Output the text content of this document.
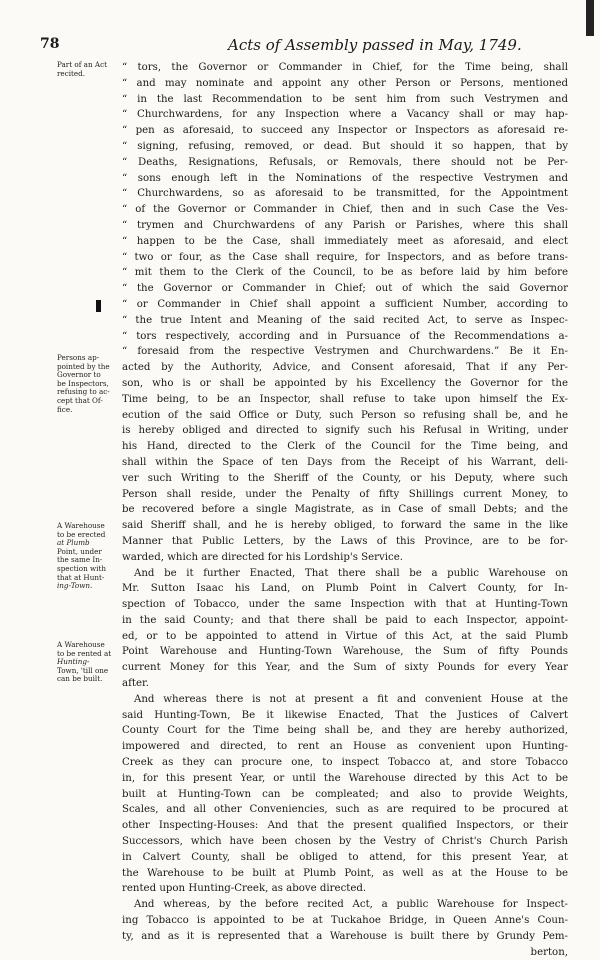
78	Acts of Assembly passed in May, 1749.
Part of an Act
recited.
Persons ap-
pointed by the
Governor to
be Inspectors,
refusing to ac-
cept that Of-
fice.
A Warehouse
to be erected
at Plumb
Point, under
the same In-
spection with
that at Hunt-
ing-Town.
A Warehouse
to be rented at
Hunting-
Town, 'till one
can be built.
“ tors, the Governor or Commander in Chief, for the Time being, shall
“ and may nominate and appoint any other Person or Persons, mentioned
“ in the last Recommendation to be sent him from such Vestrymen and
“ Churchwardens, for any Inspection where a Vacancy shall or may hap-
“ pen as aforesaid, to succeed any Inspector or Inspectors as aforesaid re-
“ signing, refusing, removed, or dead. But should it so happen, that by
“ Deaths, Resignations, Refusals, or Removals, there should not be Per-
“ sons enough left in the Nominations of the respective Vestrymen and
“ Churchwardens, so as aforesaid to be transmitted, for the Appointment
“ of the Governor or Commander in Chief, then and in such Case the Ves-
“ trymen and Churchwardens of any Parish or Parishes, where this shall
“ happen to be the Case, shall immediately meet as aforesaid, and elect
“ two or four, as the Case shall require, for Inspectors, and as before trans-
“ mit them to the Clerk of the Council, to be as before laid by him before
“ the Governor or Commander in Chief; out of which the said Governor
“ or Commander in Chief shall appoint a sufficient Number, according to
“ the true Intent and Meaning of the said recited Act, to serve as Inspec-
“ tors respectively, according and in Pursuance of the Recommendations a-
“ foresaid from the respective Vestrymen and Churchwardens.” Be it En-
acted by the Authority, Advice, and Consent aforesaid, That if any Per-
son, who is or shall be appointed by his Excellency the Governor for the
Time being, to be an Inspector, shall refuse to take upon himself the Ex-
ecution of the said Office or Duty, such Person so refusing shall be, and he
is hereby obliged and directed to signify such his Refusal in Writing, under
his Hand, directed to the Clerk of the Council for the Time being, and
shall within the Space of ten Days from the Receipt of his Warrant, deli-
ver such Writing to the Sheriff of the County, or his Deputy, where such
Person shall reside, under the Penalty of fifty Shillings current Money, to
be recovered before a single Magistrate, as in Case of small Debts; and the
said Sheriff shall, and he is hereby obliged, to forward the same in the like
Manner that Public Letters, by the Laws of this Province, are to be for-
warded, which are directed for his Lordship's Service.
And be it further Enacted, That there shall be a public Warehouse on
Mr. Sutton Isaac his Land, on Plumb Point in Calvert County, for In-
spection of Tobacco, under the same Inspection with that at Hunting-Town
in the said County; and that there shall be paid to each Inspector, appoint-
ed, or to be appointed to attend in Virtue of this Act, at the said Plumb
Point Warehouse and Hunting-Town Warehouse, the Sum of fifty Pounds
current Money for this Year, and the Sum of sixty Pounds for every Year
after.
And whereas there is not at present a fit and convenient House at the
said Hunting-Town, Be it likewise Enacted, That the Justices of Calvert
County Court for the Time being shall be, and they are hereby authorized,
impowered and directed, to rent an House as convenient upon Hunting-
Creek as they can procure one, to inspect Tobacco at, and store Tobacco
in, for this present Year, or until the Warehouse directed by this Act to be
built at Hunting-Town can be compleated; and also to provide Weights,
Scales, and all other Conveniencies, such as are required to be procured at
other Inspecting-Houses: And that the present qualified Inspectors, or their
Successors, which have been chosen by the Vestry of Christ's Church Parish
in Calvert County, shall be obliged to attend, for this present Year, at
the Warehouse to be built at Plumb Point, as well as at the House to be
rented upon Hunting-Creek, as above directed.
And whereas, by the before recited Act, a public Warehouse for Inspect-
ing Tobacco is appointed to be at Tuckahoe Bridge, in Queen Anne's Coun-
ty, and as it is represented that a Warehouse is built there by Grundy Pem-
berton,
